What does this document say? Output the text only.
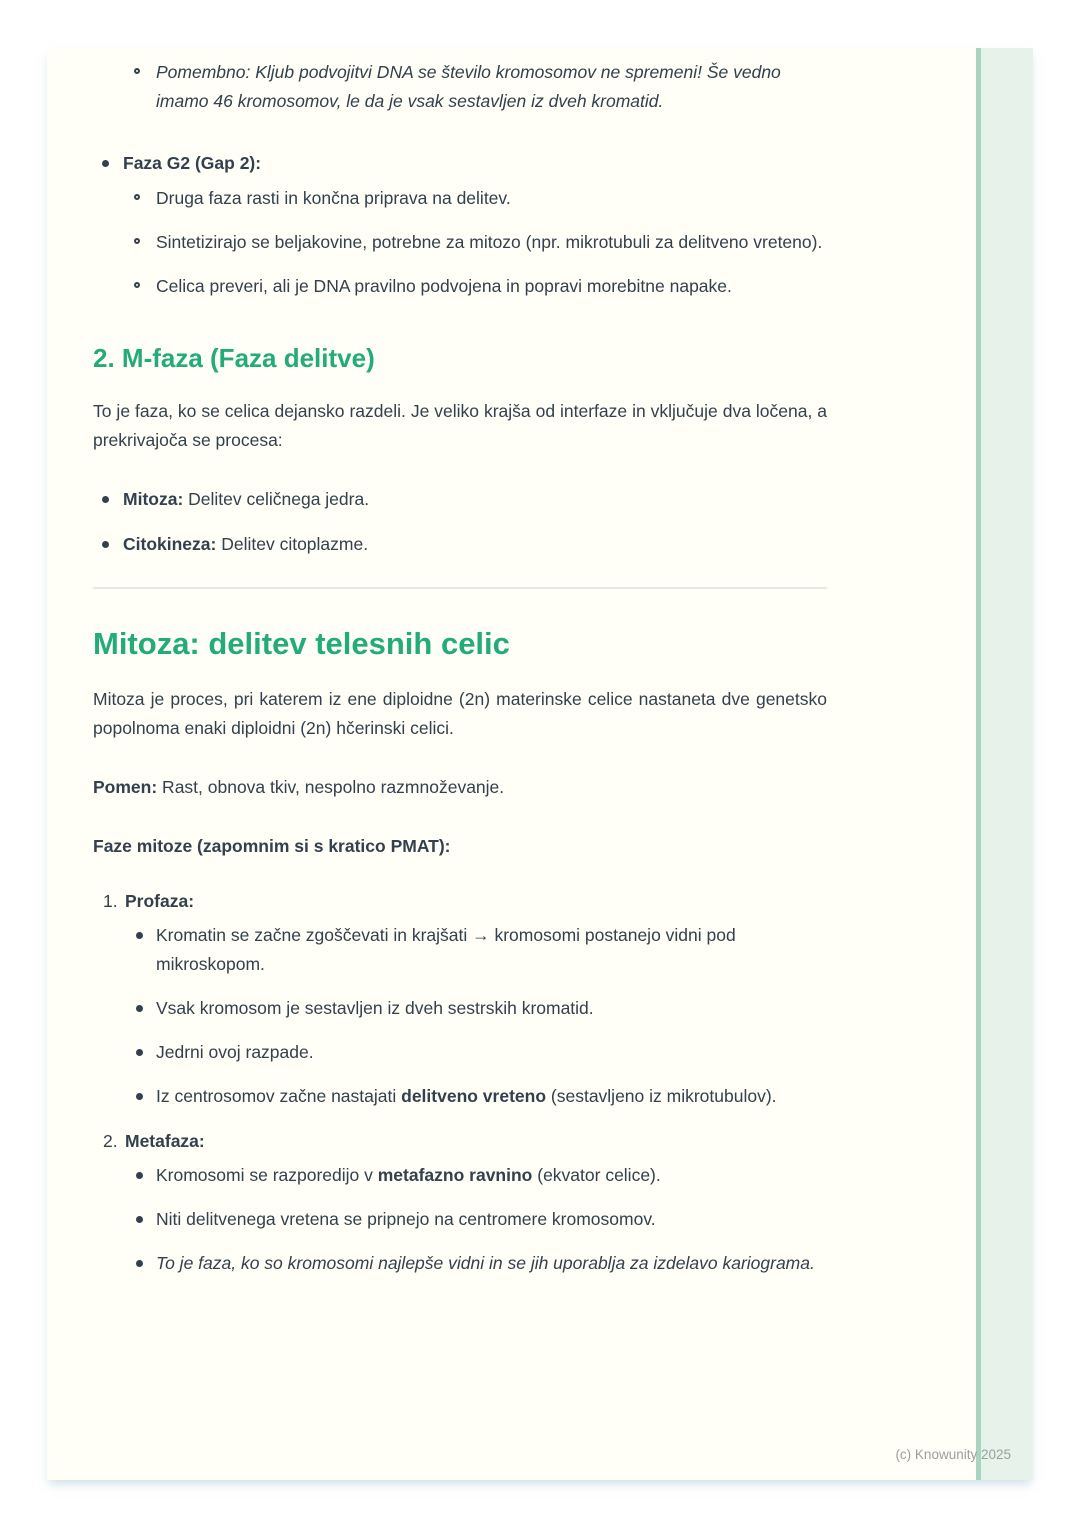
Pomembno: Kljub podvojitvi DNA se število kromosomov ne spremeni! Še vedno imamo 46 kromosomov, le da je vsak sestavljen iz dveh kromatid.
Faza G2 (Gap 2):
Druga faza rasti in končna priprava na delitev.
Sintetizirajo se beljakovine, potrebne za mitozo (npr. mikrotubuli za delitveno vreteno).
Celica preveri, ali je DNA pravilno podvojena in popravi morebitne napake.
2. M-faza (Faza delitve)
To je faza, ko se celica dejansko razdeli. Je veliko krajša od interfaze in vključuje dva ločena, a prekrivajoča se procesa:
Mitoza: Delitev celičnega jedra.
Citokineza: Delitev citoplazme.
Mitoza: delitev telesnih celic
Mitoza je proces, pri katerem iz ene diploidne (2n) materinske celice nastaneta dve genetsko popolnoma enaki diploidni (2n) hčerinski celici.
Pomen: Rast, obnova tkiv, nespolno razmnoževanje.
Faze mitoze (zapomnim si s kratico PMAT):
1. Profaza:
Kromatin se začne zgoščevati in krajšati → kromosomi postanejo vidni pod mikroskopom.
Vsak kromosom je sestavljen iz dveh sestrskih kromatid.
Jedrni ovoj razpade.
Iz centrosomov začne nastajati delitveno vreteno (sestavljeno iz mikrotubulov).
2. Metafaza:
Kromosomi se razporedijo v metafazno ravnino (ekvator celice).
Niti delitvenega vretena se pripnejo na centromere kromosomov.
To je faza, ko so kromosomi najlepše vidni in se jih uporablja za izdelavo kariograma.
(c) Knowunity 2025
